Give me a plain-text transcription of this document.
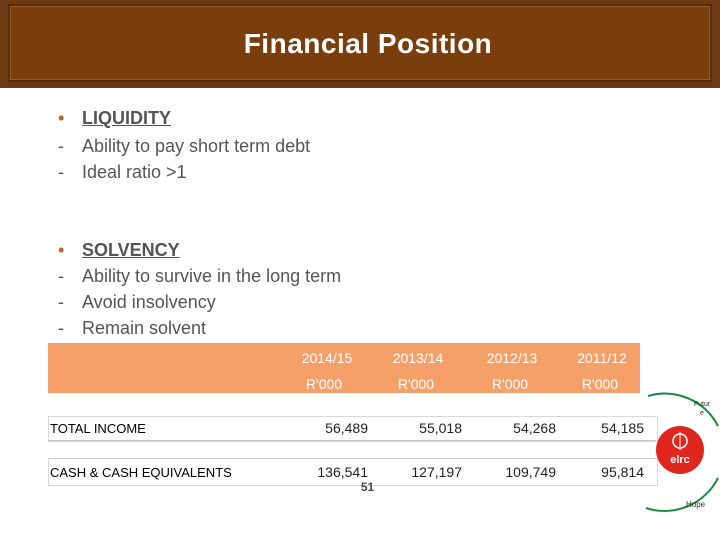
Financial Position
• LIQUIDITY
-	Ability to pay short term debt
-	Ideal ratio >1
• SOLVENCY
-	Ability to survive in the long term
-	Avoid insolvency
-	Remain solvent
2014/15	2013/14	2012/13	2011/12
R'000	R'000	R'000	R'000
TOTAL INCOME	56,489	55,018	54,268	54,185
CASH & CASH EQUIVALENTS	136,541	127,197	109,749	95,814
51
elrc
Futur e
Hope
